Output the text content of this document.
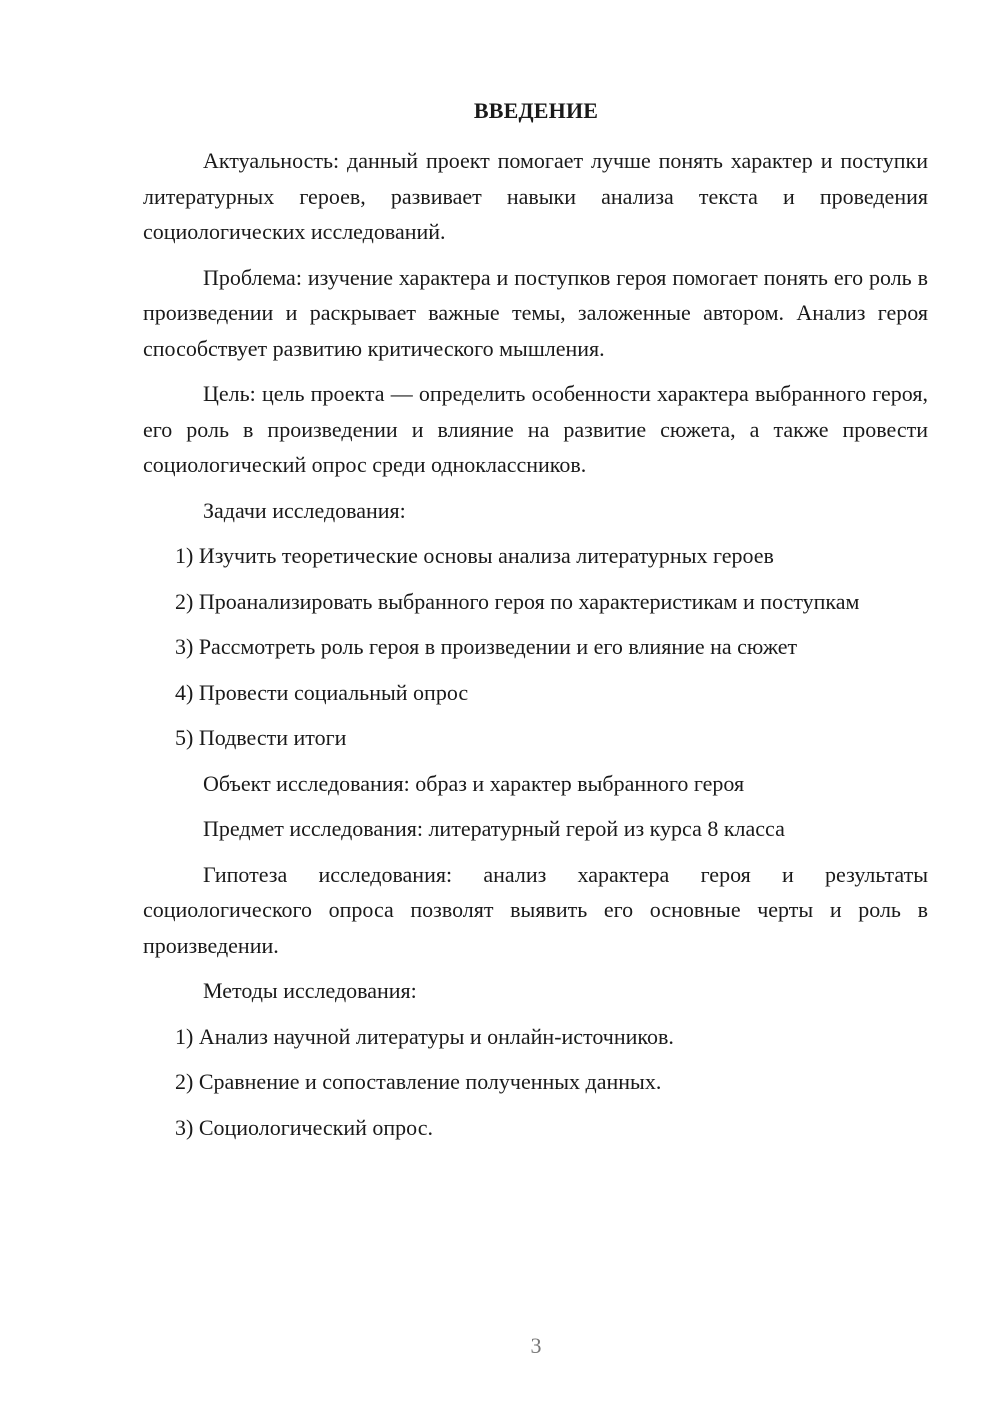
ВВЕДЕНИЕ

Актуальность: данный проект помогает лучше понять характер и поступки литературных героев, развивает навыки анализа текста и проведения социологических исследований.

Проблема: изучение характера и поступков героя помогает понять его роль в произведении и раскрывает важные темы, заложенные автором. Анализ героя способствует развитию критического мышления.

Цель: цель проекта — определить особенности характера выбранного героя, его роль в произведении и влияние на развитие сюжета, а также провести социологический опрос среди одноклассников.

Задачи исследования:

1) Изучить теоретические основы анализа литературных героев

2) Проанализировать выбранного героя по характеристикам и поступкам

3) Рассмотреть роль героя в произведении и его влияние на сюжет

4) Провести социальный опрос

5) Подвести итоги

Объект исследования: образ и характер выбранного героя

Предмет исследования: литературный герой из курса 8 класса

Гипотеза исследования: анализ характера героя и результаты социологического опроса позволят выявить его основные черты и роль в произведении.

Методы исследования:

1) Анализ научной литературы и онлайн-источников.

2) Сравнение и сопоставление полученных данных.

3) Социологический опрос.

3
